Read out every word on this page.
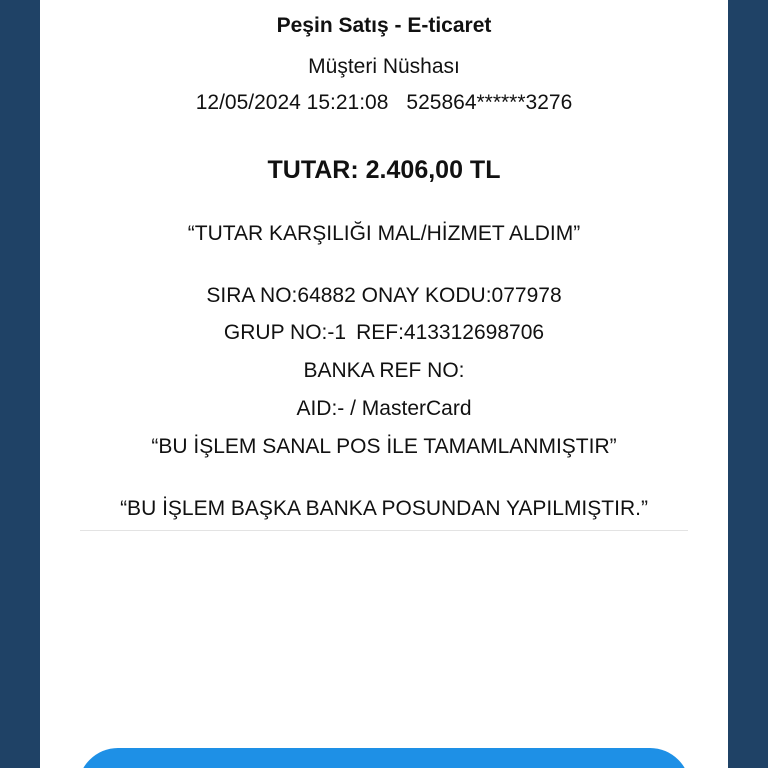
Peşin Satış - E-ticaret
Müşteri Nüshası
12/05/2024 15:21:08 525864******3276
TUTAR: 2.406,00 TL
“TUTAR KARŞILIĞI MAL/HİZMET ALDIM”
SIRA NO:64882 ONAY KODU:077978
GRUP NO:-1 REF:413312698706
BANKA REF NO:
AID:- / MasterCard
“BU İŞLEM SANAL POS İLE TAMAMLANMIŞTIR”
“BU İŞLEM BAŞKA BANKA POSUNDAN YAPILMIŞTIR.”
